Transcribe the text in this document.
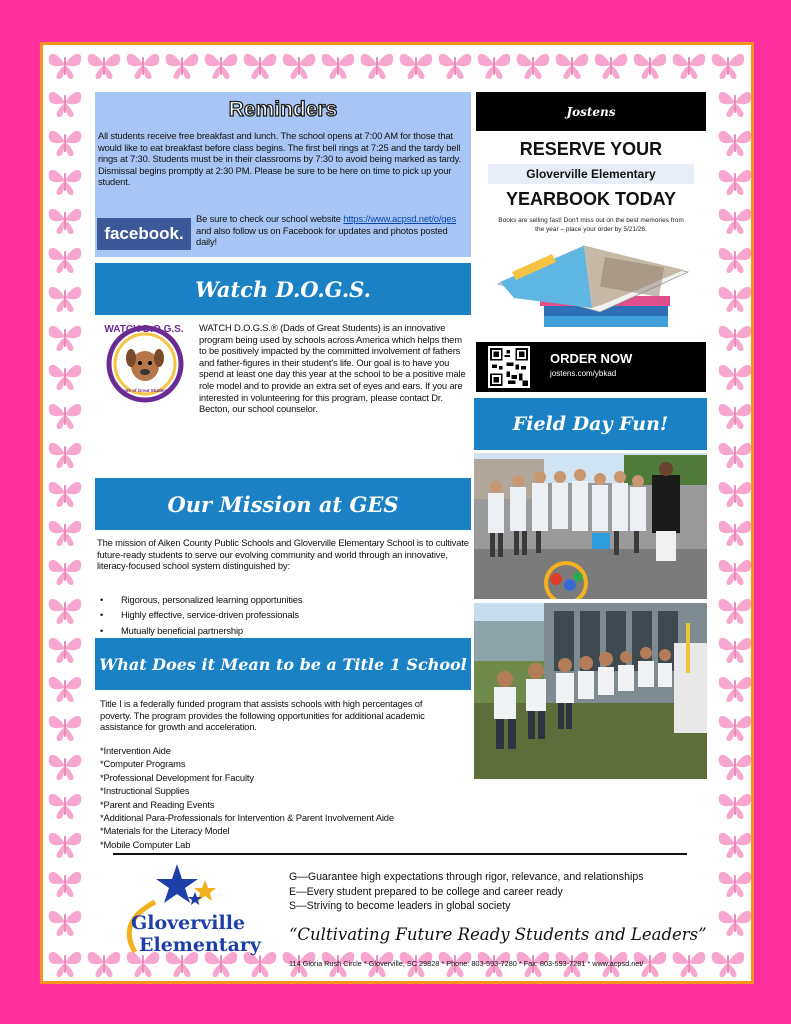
Reminders
All students receive free breakfast and lunch. The school opens at 7:00 AM for those that would like to eat breakfast before class begins. The first bell rings at 7:25 and the tardy bell rings at 7:30. Students must be in their classrooms by 7:30 to avoid being marked as tardy. Dismissal begins promptly at 2:30 PM. Please be sure to be here on time to pick up your student.
facebook.
Be sure to check our school website https://www.acpsd.net/o/ges and also follow us on Facebook for updates and photos posted daily!
Jostens
RESERVE YOUR
Gloverville Elementary
YEARBOOK TODAY
Books are selling fast! Don't miss out on the best memories from the year – place your order by 5/21/26.
ORDER NOW
jostens.com/ybkad
Watch D.O.G.S.
WATCH D.O.G.S.
Dads of Great Students
WATCH D.O.G.S.® (Dads of Great Students) is an innovative program being used by schools across America which helps them to be positively impacted by the committed involvement of fathers and father-figures in their student's life. Our goal is to have you spend at least one day this year at the school to be a positive male role model and to provide an extra set of eyes and ears. If you are interested in volunteering for this program, please contact Dr. Becton, our school counselor.
Field Day Fun!
Our Mission at GES
The mission of Aiken County Public Schools and Gloverville Elementary School is to cultivate future-ready students to serve our evolving community and world through an innovative, literacy-focused school system distinguished by:
• Rigorous, personalized learning opportunities
• Highly effective, service-driven professionals
• Mutually beneficial partnership
What Does it Mean to be a Title 1 School
Title I is a federally funded program that assists schools with high percentages of poverty. The program provides the following opportunities for additional academic assistance for growth and acceleration.
*Intervention Aide
*Computer Programs
*Professional Development for Faculty
*Instructional Supplies
*Parent and Reading Events
*Additional Para-Professionals for Intervention & Parent Involvement Aide
*Materials for the Literacy Model
*Mobile Computer Lab
Gloverville
Elementary
G—Guarantee high expectations through rigor, relevance, and relationships
E—Every student prepared to be college and career ready
S—Striving to become leaders in global society
“Cultivating Future Ready Students and Leaders”
114 Gloria Rush Circle * Gloverville, SC 29828 * Phone: 803-593-7280 * Fax: 803-593-7281 * www.acpsd.net/
